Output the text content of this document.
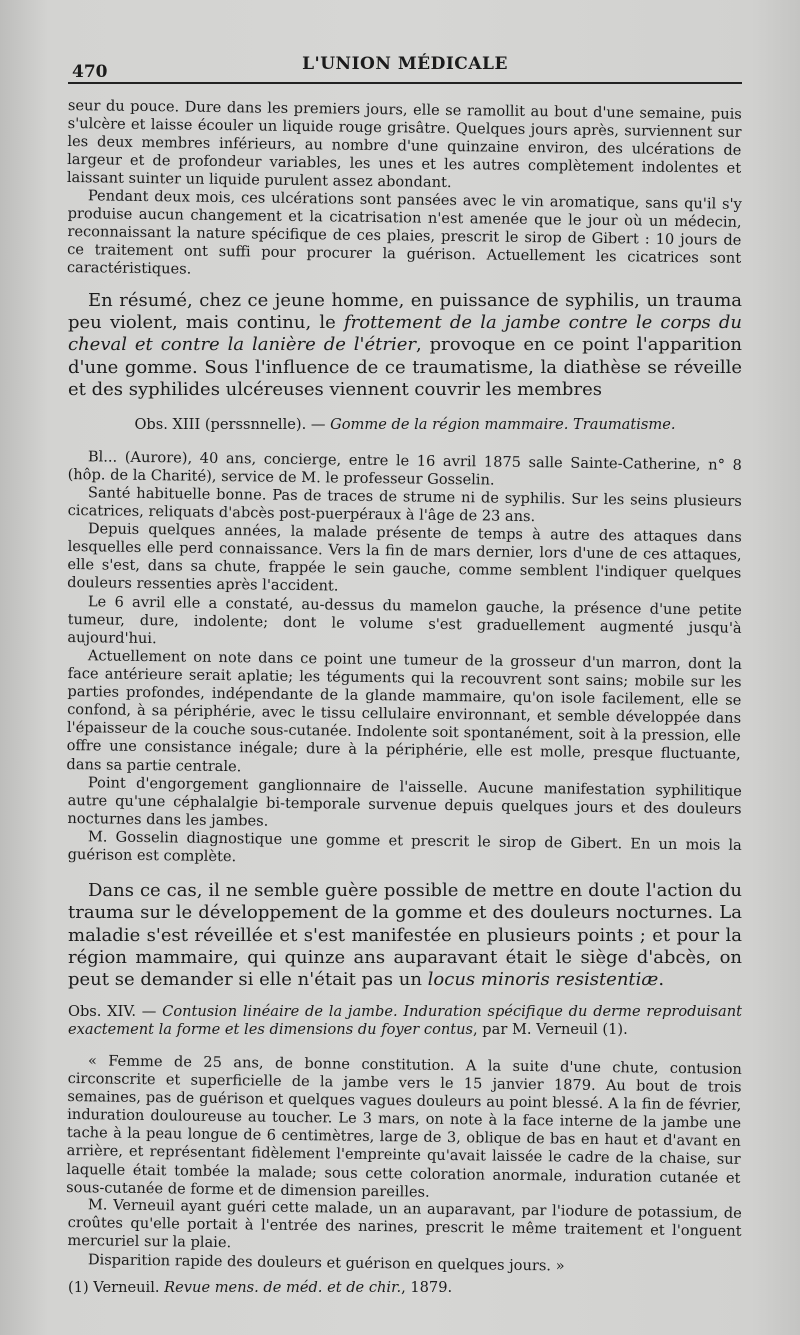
470	L'UNION MÉDICALE

seur du pouce. Dure dans les premiers jours, elle se ramollit au bout d'une semaine, puis s'ulcère et laisse écouler un liquide rouge grisâtre. Quelques jours après, surviennent sur les deux membres inférieurs, au nombre d'une quinzaine environ, des ulcérations de largeur et de profondeur variables, les unes et les autres complètement indolentes et laissant suinter un liquide purulent assez abondant.

Pendant deux mois, ces ulcérations sont pansées avec le vin aromatique, sans qu'il s'y produise aucun changement et la cicatrisation n'est amenée que le jour où un médecin, reconnaissant la nature spécifique de ces plaies, prescrit le sirop de Gibert : 10 jours de ce traitement ont suffi pour procurer la guérison. Actuellement les cicatrices sont caractéristiques.

En résumé, chez ce jeune homme, en puissance de syphilis, un trauma peu violent, mais continu, le frottement de la jambe contre le corps du cheval et contre la lanière de l'étrier, provoque en ce point l'apparition d'une gomme. Sous l'influence de ce traumatisme, la diathèse se réveille et des syphilides ulcéreuses viennent couvrir les membres

Obs. XIII (perssnnelle). — Gomme de la région mammaire. Traumatisme.

Bl... (Aurore), 40 ans, concierge, entre le 16 avril 1875 salle Sainte-Catherine, n° 8 (hôp. de la Charité), service de M. le professeur Gosselin.

Santé habituelle bonne. Pas de traces de strume ni de syphilis. Sur les seins plusieurs cicatrices, reliquats d'abcès post-puerpéraux à l'âge de 23 ans.

Depuis quelques années, la malade présente de temps à autre des attaques dans lesquelles elle perd connaissance. Vers la fin de mars dernier, lors d'une de ces attaques, elle s'est, dans sa chute, frappée le sein gauche, comme semblent l'indiquer quelques douleurs ressenties après l'accident.

Le 6 avril elle a constaté, au-dessus du mamelon gauche, la présence d'une petite tumeur, dure, indolente; dont le volume s'est graduellement augmenté jusqu'à aujourd'hui.

Actuellement on note dans ce point une tumeur de la grosseur d'un marron, dont la face antérieure serait aplatie; les téguments qui la recouvrent sont sains; mobile sur les parties profondes, indépendante de la glande mammaire, qu'on isole facilement, elle se confond, à sa périphérie, avec le tissu cellulaire environnant, et semble développée dans l'épaisseur de la couche sous-cutanée. Indolente soit spontanément, soit à la pression, elle offre une consistance inégale; dure à la périphérie, elle est molle, presque fluctuante, dans sa partie centrale.

Point d'engorgement ganglionnaire de l'aisselle. Aucune manifestation syphilitique autre qu'une céphalalgie bi-temporale survenue depuis quelques jours et des douleurs nocturnes dans les jambes.

M. Gosselin diagnostique une gomme et prescrit le sirop de Gibert. En un mois la guérison est complète.

Dans ce cas, il ne semble guère possible de mettre en doute l'action du trauma sur le développement de la gomme et des douleurs nocturnes. La maladie s'est réveillée et s'est manifestée en plusieurs points ; et pour la région mammaire, qui quinze ans auparavant était le siège d'abcès, on peut se demander si elle n'était pas un locus minoris resistentiæ.

Obs. XIV. — Contusion linéaire de la jambe. Induration spécifique du derme reproduisant exactement la forme et les dimensions du foyer contus, par M. Verneuil (1).

« Femme de 25 ans, de bonne constitution. A la suite d'une chute, contusion circonscrite et superficielle de la jambe vers le 15 janvier 1879. Au bout de trois semaines, pas de guérison et quelques vagues douleurs au point blessé. A la fin de février, induration douloureuse au toucher. Le 3 mars, on note à la face interne de la jambe une tache à la peau longue de 6 centimètres, large de 3, oblique de bas en haut et d'avant en arrière, et représentant fidèlement l'empreinte qu'avait laissée le cadre de la chaise, sur laquelle était tombée la malade; sous cette coloration anormale, induration cutanée et sous-cutanée de forme et de dimension pareilles.

M. Verneuil ayant guéri cette malade, un an auparavant, par l'iodure de potassium, de croûtes qu'elle portait à l'entrée des narines, prescrit le même traitement et l'onguent mercuriel sur la plaie.

Disparition rapide des douleurs et guérison en quelques jours. »

(1) Verneuil. Revue mens. de méd. et de chir., 1879.
